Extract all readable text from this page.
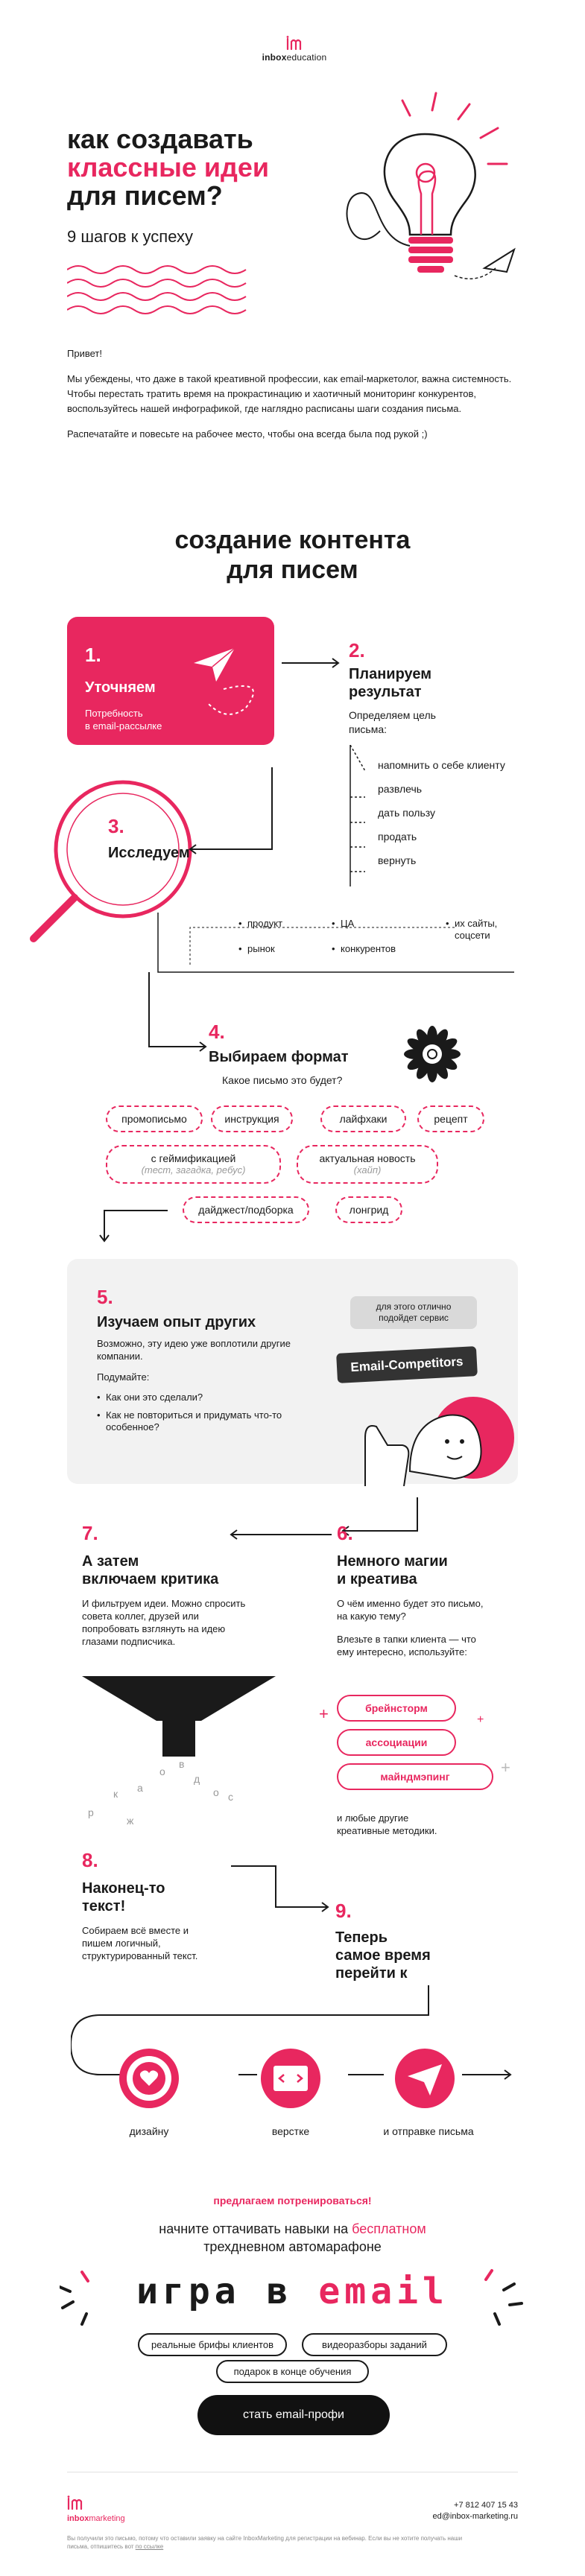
inboxeducation
как создавать
классные идеи
для писем?
9 шагов к успеху

Привет!

Мы убеждены, что даже в такой креативной профессии, как email-маркетолог, важна системность. Чтобы перестать тратить время на прокрастинацию и хаотичный мониторинг конкурентов, воспользуйтесь нашей инфографикой, где наглядно расписаны шаги создания письма.

Распечатайте и повесьте на рабочее место, чтобы она всегда была под рукой ;)

создание контента
для писем
1.
Уточняем
Потребность
в email-рассылке
2.
Планируем
результат
Определяем цель
письма:
напомнить о себе клиенту
развлечь
дать пользу
продать
вернуть
3.
Исследуем
• продукт
• рынок
• ЦА
• конкурентов
• их сайты, соцсети
4.
Выбираем формат
Какое письмо это будет?
промописьмо	инструкция	лайфхаки	рецепт
с геймификацией
(тест, загадка, ребус)
актуальная новость
(хайп)
дайджест/подборка	лонгрид
5.
Изучаем опыт других
Возможно, эту идею уже воплотили другие компании.
Подумайте:
• Как они это сделали?
• Как не повториться и придумать что-то особенное?
для этого отлично подойдет сервис
Email-Competitors
6.
Немного магии
и креатива
О чём именно будет это письмо, на какую тему?
Влезьте в тапки клиента — что ему интересно, используйте:
брейнсторм
ассоциации
майндмэпинг
и любые другие креативные методики.
+
+
+
7.
А затем
включаем критика
И фильтруем идеи. Можно спросить совета коллег, друзей или попробовать взглянуть на идею глазами подписчика.
р
к а
о
в
д
о с
ж
8.
Наконец-то
текст!
Собираем всё вместе и пишем логичный, структурированный текст.
9.
Теперь
самое время
перейти к
дизайну	верстке	и отправке письма
предлагаем потренироваться!
начните оттачивать навыки на бесплатном
трехдневном автомарафоне
игра в email
реальные брифы клиентов	видеоразборы заданий
подарок в конце обучения
стать email-профи
inboxmarketing
+7 812 407 15 43
ed@inbox-marketing.ru
Вы получили это письмо, потому что оставили заявку на сайте InboxMarketing для регистрации на вебинар. Если вы не хотите получать наши письма, отпишитесь вот по ссылке
